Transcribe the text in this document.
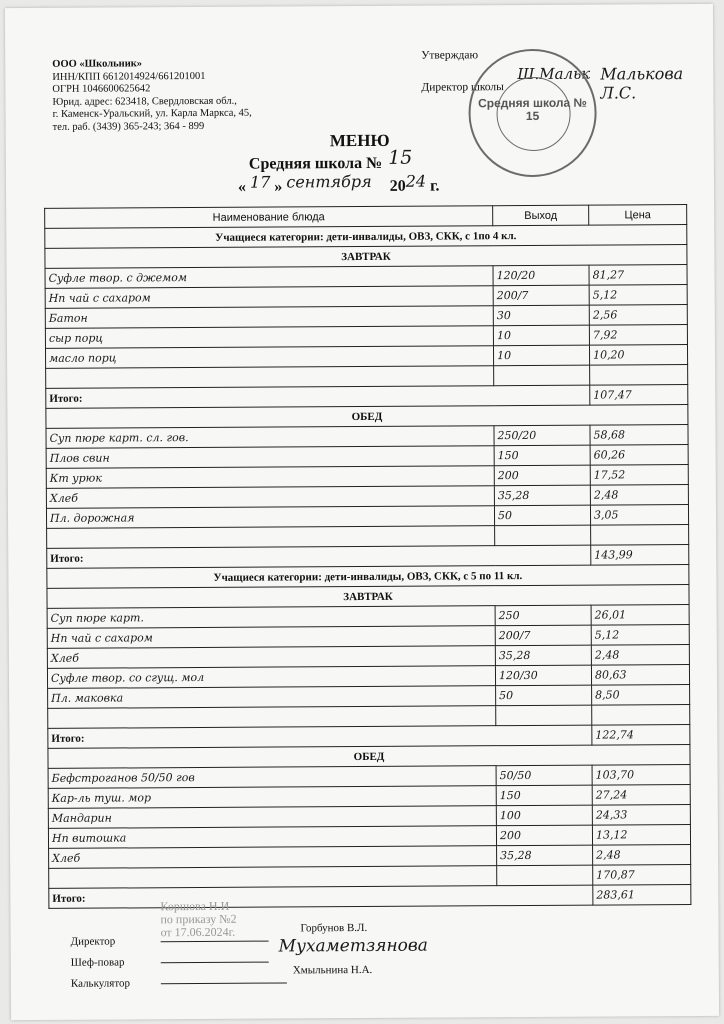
ООО «Школьник»
ИНН/КПП 6612014924/661201001
ОГРН 1046600625642
Юрид. адрес: 623418, Свердловская обл.,
г. Каменск-Уральский, ул. Карла Маркса, 45,
тел. раб. (3439) 365-243; 364 - 899
Утверждаю
Директор школы
Ш.Мальк Малькова Л.С.
Средняя школа № 15
МЕНЮ
Средняя школа № 15
« 17 » сентября 2024 г.
Наименование блюда	Выход	Цена
Учащиеся категории: дети-инвалиды, ОВЗ, СКК, с 1по 4 кл.		
ЗАВТРАК		
Суфле твор. с джемом	120/20	81,27
Нп чай с сахаром	200/7	5,12
Батон	30	2,56
сыр порц	10	7,92
масло порц	10	10,20

Итого:		107,47
ОБЕД		
Суп пюре карт. сл. гов.	250/20	58,68
Плов свин	150	60,26
Кт урюк	200	17,52
Хлеб	35,28	2,48
Пл. дорожная	50	3,05

Итого:		143,99
Учащиеся категории: дети-инвалиды, ОВЗ, СКК, с 5 по 11 кл.		
ЗАВТРАК		
Суп пюре карт.	250	26,01
Нп чай с сахаром	200/7	5,12
Хлеб	35,28	2,48
Суфле твор. со сгущ. мол	120/30	80,63
Пл. маковка	50	8,50

Итого:		122,74
ОБЕД		
Бефстроганов 50/50 гов	50/50	103,70
Кар-ль туш. мор	150	27,24
Мандарин	100	24,33
Нп витошка	200	13,12
Хлеб	35,28	2,48
		170,87
Итого:		283,61
Директор
Шеф-повар
Калькулятор
Коршова Н.И
по приказу №2
от 17.06.2024г.	Горбунов В.Л.
Мухаметзянова
Хмыльнина Н.А.
